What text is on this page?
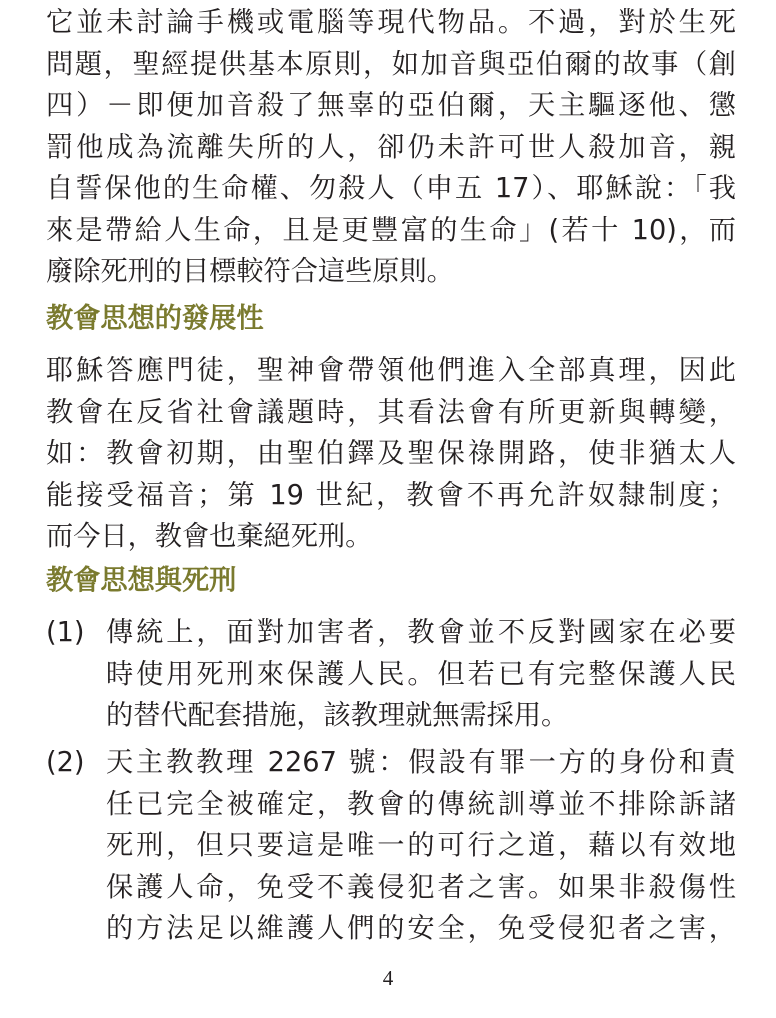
它並未討論手機或電腦等現代物品。不過，對於生死
問題，聖經提供基本原則，如加音與亞伯爾的故事（創
四）－即便加音殺了無辜的亞伯爾，天主驅逐他、懲
罰他成為流離失所的人，卻仍未許可世人殺加音，親
自誓保他的生命權、勿殺人（申五 17）、耶穌說：「我
來是帶給人生命，且是更豐富的生命」(若十 10)，而
廢除死刑的目標較符合這些原則。
教會思想的發展性
耶穌答應門徒，聖神會帶領他們進入全部真理，因此
教會在反省社會議題時，其看法會有所更新與轉變，
如：教會初期，由聖伯鐸及聖保祿開路，使非猶太人
能接受福音；第 19 世紀，教會不再允許奴隸制度；
而今日，教會也棄絕死刑。
教會思想與死刑
(1) 傳統上，面對加害者，教會並不反對國家在必要
時使用死刑來保護人民。但若已有完整保護人民
的替代配套措施，該教理就無需採用。
(2) 天主教教理 2267 號：假設有罪一方的身份和責
任已完全被確定，教會的傳統訓導並不排除訴諸
死刑，但只要這是唯一的可行之道，藉以有效地
保護人命，免受不義侵犯者之害。如果非殺傷性
的方法足以維護人們的安全，免受侵犯者之害，
4
